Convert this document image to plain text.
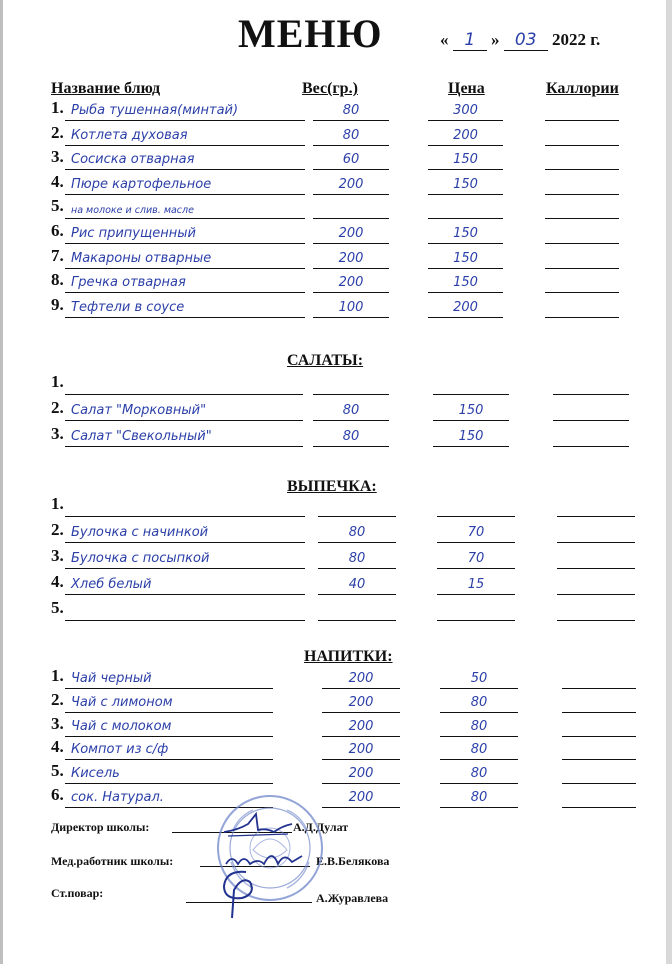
МЕНЮ	« 1 » 03 2022 г.
Название блюд	Вес(гр.)	Цена	Каллории
1. Рыба тушенная(минтай)	80	300
2. Котлета духовая	80	200
3. Сосиска отварная	60	150
4. Пюре картофельное	200	150
5. на молоке и слив. масле
6. Рис припущенный	200	150
7. Макароны отварные	200	150
8. Гречка отварная	200	150
9. Тефтели в соусе	100	200
1.
2. Салат "Морковный"	80	150
3. Салат "Свекольный"	80	150
1.
2. Булочка с начинкой	80	70
3. Булочка с посыпкой	80	70
4. Хлеб белый	40	15
5.
1. Чай черный	200	50
2. Чай с лимоном	200	80
3. Чай с молоком	200	80
4. Компот из с/ф	200	80
5. Кисель	200	80
6. сок. Натурал.	200	80
САЛАТЫ:
ВЫПЕЧКА:
НАПИТКИ:
Директор школы:	А.Д.Дулат
Мед.работник школы:	Е.В.Белякова
Ст.повар:	А.Журавлева
